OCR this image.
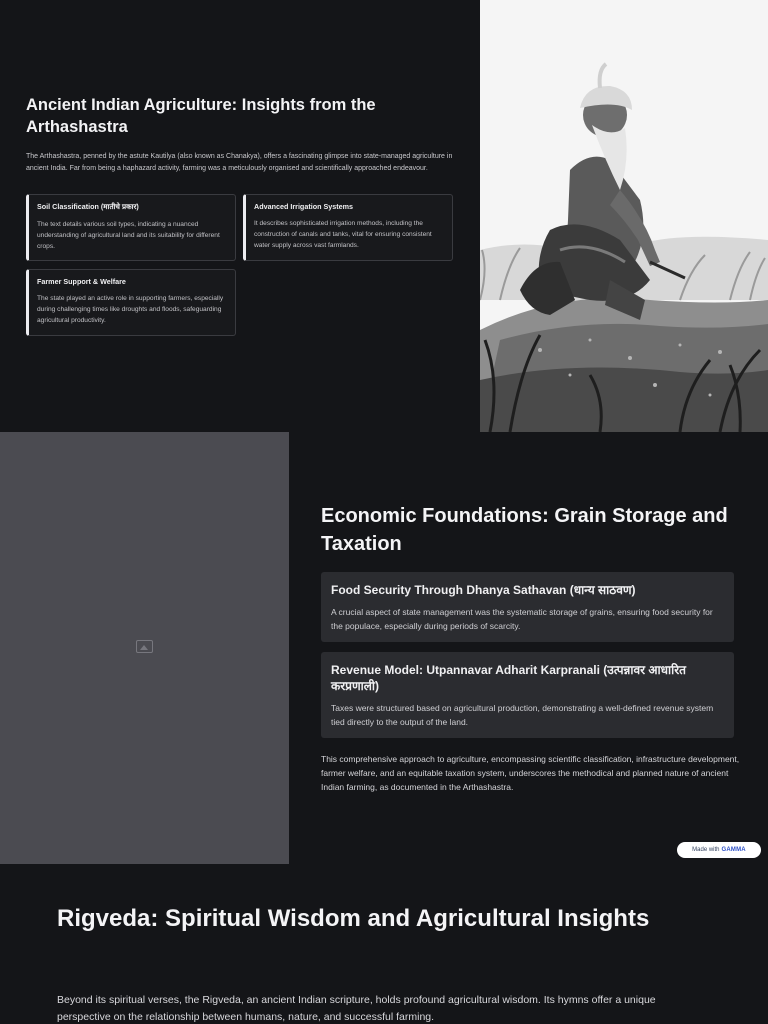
Ancient Indian Agriculture: Insights from the Arthashastra

The Arthashastra, penned by the astute Kautilya (also known as Chanakya), offers a fascinating glimpse into state-managed agriculture in ancient India. Far from being a haphazard activity, farming was a meticulously organised and scientifically approached endeavour.

Soil Classification (मातीचे प्रकार)
The text details various soil types, indicating a nuanced understanding of agricultural land and its suitability for different crops.
Advanced Irrigation Systems
It describes sophisticated irrigation methods, including the construction of canals and tanks, vital for ensuring consistent water supply across vast farmlands.
Farmer Support & Welfare
The state played an active role in supporting farmers, especially during challenging times like droughts and floods, safeguarding agricultural productivity.
Economic Foundations: Grain Storage and Taxation
Food Security Through Dhanya Sathavan (धान्य साठवण)
A crucial aspect of state management was the systematic storage of grains, ensuring food security for the populace, especially during periods of scarcity.
Revenue Model: Utpannavar Adharit Karpranali (उत्पन्नावर आधारित करप्रणाली)
Taxes were structured based on agricultural production, demonstrating a well-defined revenue system tied directly to the output of the land.

This comprehensive approach to agriculture, encompassing scientific classification, infrastructure development, farmer welfare, and an equitable taxation system, underscores the methodical and planned nature of ancient Indian farming, as documented in the Arthashastra.

Made with GAMMA
Rigveda: Spiritual Wisdom and Agricultural Insights

Beyond its spiritual verses, the Rigveda, an ancient Indian scripture, holds profound agricultural wisdom. Its hymns offer a unique perspective on the relationship between humans, nature, and successful farming.
